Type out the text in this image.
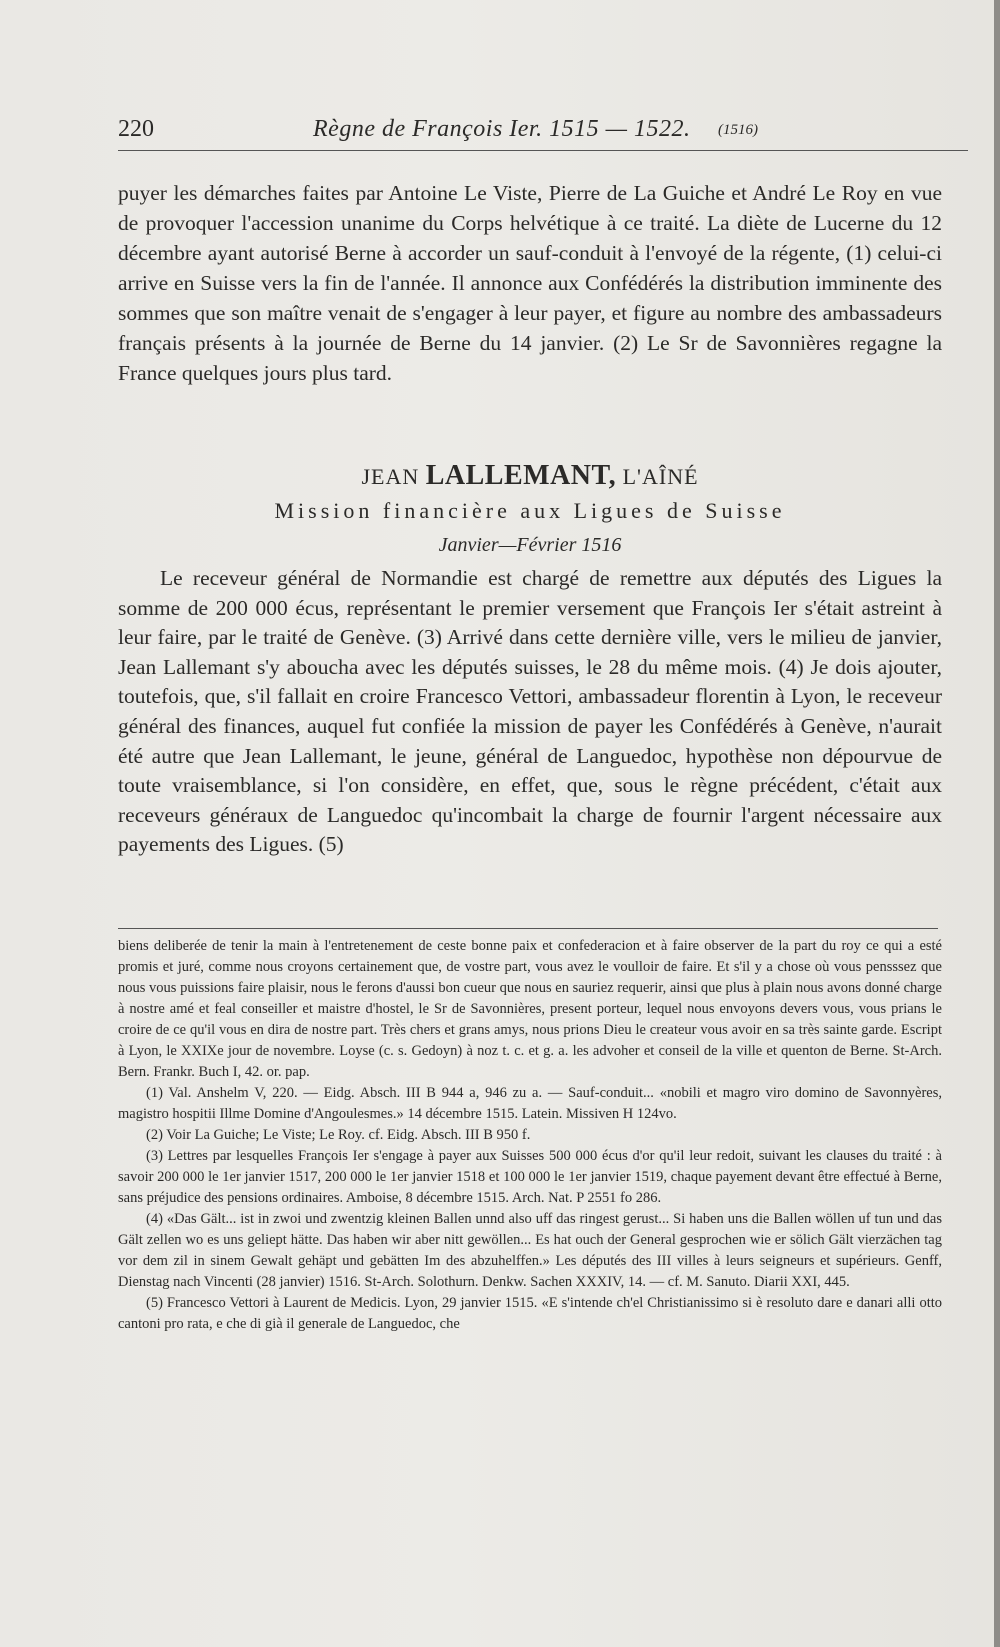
220	Règne de François Ier. 1515 — 1522. (1516)

puyer les démarches faites par Antoine Le Viste, Pierre de La Guiche et André Le Roy en vue de provoquer l'accession unanime du Corps helvétique à ce traité. La diète de Lucerne du 12 décembre ayant autorisé Berne à accorder un sauf-conduit à l'envoyé de la régente, (1) celui-ci arrive en Suisse vers la fin de l'année. Il annonce aux Confédérés la distribution imminente des sommes que son maître venait de s'engager à leur payer, et figure au nombre des ambassadeurs français présents à la journée de Berne du 14 janvier. (2) Le Sr de Savonnières regagne la France quelques jours plus tard.

JEAN LALLEMANT, L'AÎNÉ
Mission financière aux Ligues de Suisse
Janvier—Février 1516

Le receveur général de Normandie est chargé de remettre aux députés des Ligues la somme de 200 000 écus, représentant le premier versement que François Ier s'était astreint à leur faire, par le traité de Genève. (3) Arrivé dans cette dernière ville, vers le milieu de janvier, Jean Lallemant s'y aboucha avec les députés suisses, le 28 du même mois. (4) Je dois ajouter, toutefois, que, s'il fallait en croire Francesco Vettori, ambassadeur florentin à Lyon, le receveur général des finances, auquel fut confiée la mission de payer les Confédérés à Genève, n'aurait été autre que Jean Lallemant, le jeune, général de Languedoc, hypothèse non dépourvue de toute vraisemblance, si l'on considère, en effet, que, sous le règne précédent, c'était aux receveurs généraux de Languedoc qu'incombait la charge de fournir l'argent nécessaire aux payements des Ligues. (5)

biens deliberée de tenir la main à l'entretenement de ceste bonne paix et confederacion et à faire observer de la part du roy ce qui a esté promis et juré, comme nous croyons certainement que, de vostre part, vous avez le voulloir de faire. Et s'il y a chose où vous pensssez que nous vous puissions faire plaisir, nous le ferons d'aussi bon cueur que nous en sauriez requerir, ainsi que plus à plain nous avons donné charge à nostre amé et feal conseiller et maistre d'hostel, le Sr de Savonnières, present porteur, lequel nous envoyons devers vous, vous prians le croire de ce qu'il vous en dira de nostre part. Très chers et grans amys, nous prions Dieu le createur vous avoir en sa très sainte garde. Escript à Lyon, le XXIXe jour de novembre. Loyse (c. s. Gedoyn) à noz t. c. et g. a. les advoher et conseil de la ville et quenton de Berne. St-Arch. Bern. Frankr. Buch I, 42. or. pap.

(1) Val. Anshelm V, 220. — Eidg. Absch. III B 944 a, 946 zu a. — Sauf-conduit... «nobili et magro viro domino de Savonnyères, magistro hospitii Illme Domine d'Angoulesmes.» 14 décembre 1515. Latein. Missiven H 124vo.

(2) Voir La Guiche; Le Viste; Le Roy. cf. Eidg. Absch. III B 950 f.

(3) Lettres par lesquelles François Ier s'engage à payer aux Suisses 500 000 écus d'or qu'il leur redoit, suivant les clauses du traité : à savoir 200 000 le 1er janvier 1517, 200 000 le 1er janvier 1518 et 100 000 le 1er janvier 1519, chaque payement devant être effectué à Berne, sans préjudice des pensions ordinaires. Amboise, 8 décembre 1515. Arch. Nat. P 2551 fo 286.

(4) «Das Gält... ist in zwoi und zwentzig kleinen Ballen unnd also uff das ringest gerust... Si haben uns die Ballen wöllen uf tun und das Gält zellen wo es uns geliept hätte. Das haben wir aber nitt gewöllen... Es hat ouch der General gesprochen wie er sölich Gält vierzächen tag vor dem zil in sinem Gewalt gehäpt und gebätten Im des abzuhelffen.» Les députés des III villes à leurs seigneurs et supérieurs. Genff, Dienstag nach Vincenti (28 janvier) 1516. St-Arch. Solothurn. Denkw. Sachen XXXIV, 14. — cf. M. Sanuto. Diarii XXI, 445.

(5) Francesco Vettori à Laurent de Medicis. Lyon, 29 janvier 1515. «E s'intende ch'el Christianissimo si è resoluto dare e danari alli otto cantoni pro rata, e che di già il generale de Languedoc, che
